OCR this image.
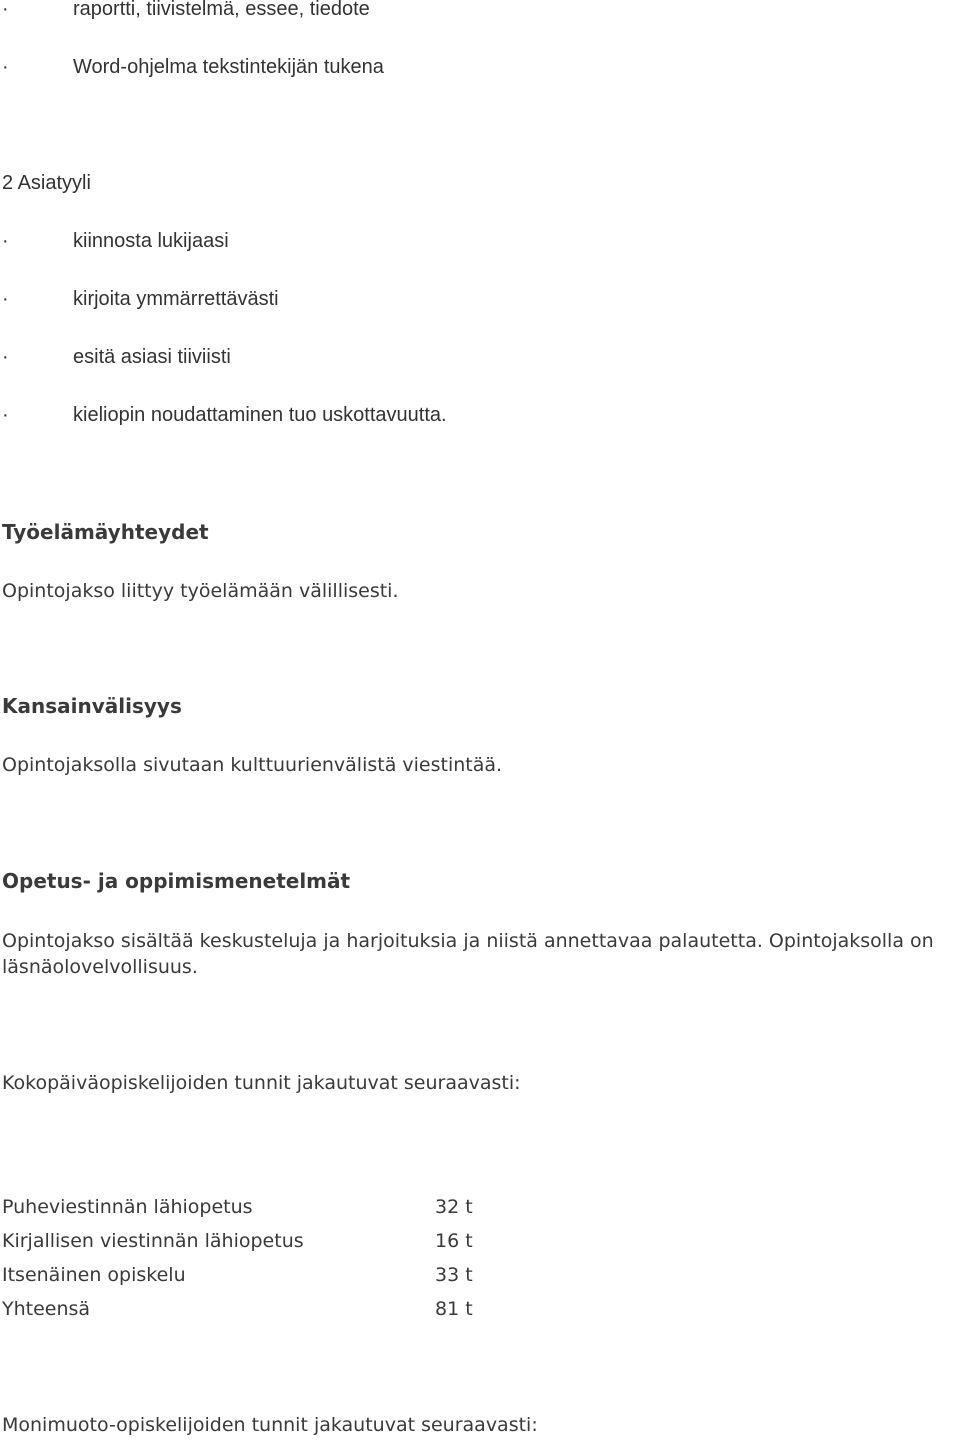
·	raportti, tiivistelmä, essee, tiedote
·	Word-ohjelma tekstintekijän tukena
2 Asiatyyli
·	kiinnosta lukijaasi
·	kirjoita ymmärrettävästi
·	esitä asiasi tiiviisti
·	kieliopin noudattaminen tuo uskottavuutta.
Työelämäyhteydet
Opintojakso liittyy työelämään välillisesti.
Kansainvälisyys
Opintojaksolla sivutaan kulttuurienvälistä viestintää.
Opetus- ja oppimismenetelmät
Opintojakso sisältää keskusteluja ja harjoituksia ja niistä annettavaa palautetta. Opintojaksolla on läsnäolovelvollisuus.
Kokopäiväopiskelijoiden tunnit jakautuvat seuraavasti:
Puheviestinnän lähiopetus	32 t
Kirjallisen viestinnän lähiopetus	16 t
Itsenäinen opiskelu	33 t
Yhteensä	81 t
Monimuoto-opiskelijoiden tunnit jakautuvat seuraavasti:
